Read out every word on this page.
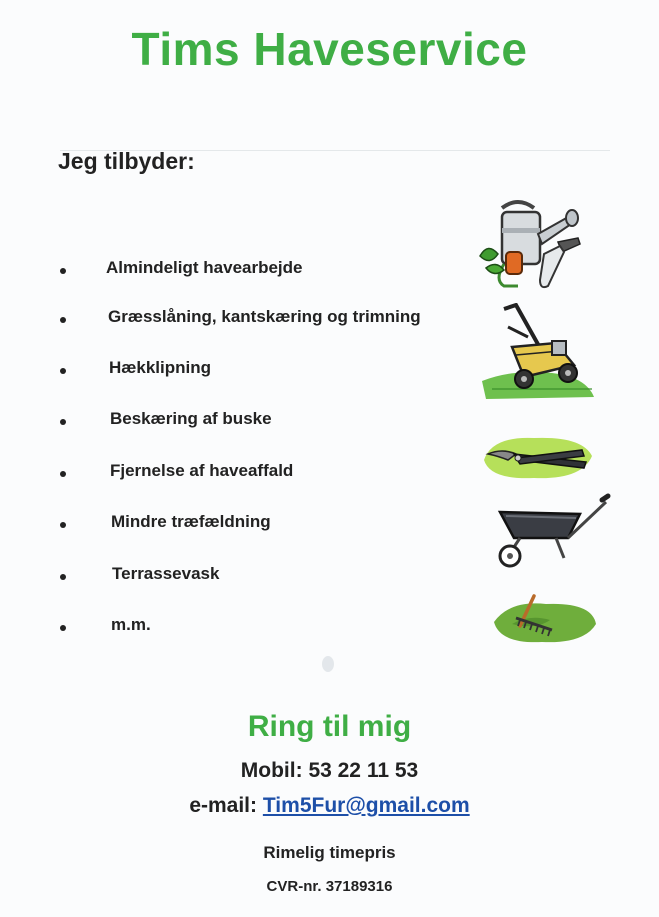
Tims Haveservice
Jeg tilbyder:
Almindeligt havearbejde
Græsslåning, kantskæring og trimning
Hækklipning
Beskæring af buske
Fjernelse af haveaffald
Mindre træfældning
Terrassevask
m.m.
Ring til mig
Mobil: 53 22 11 53
e-mail: Tim5Fur@gmail.com
Rimelig timepris
CVR-nr. 37189316
